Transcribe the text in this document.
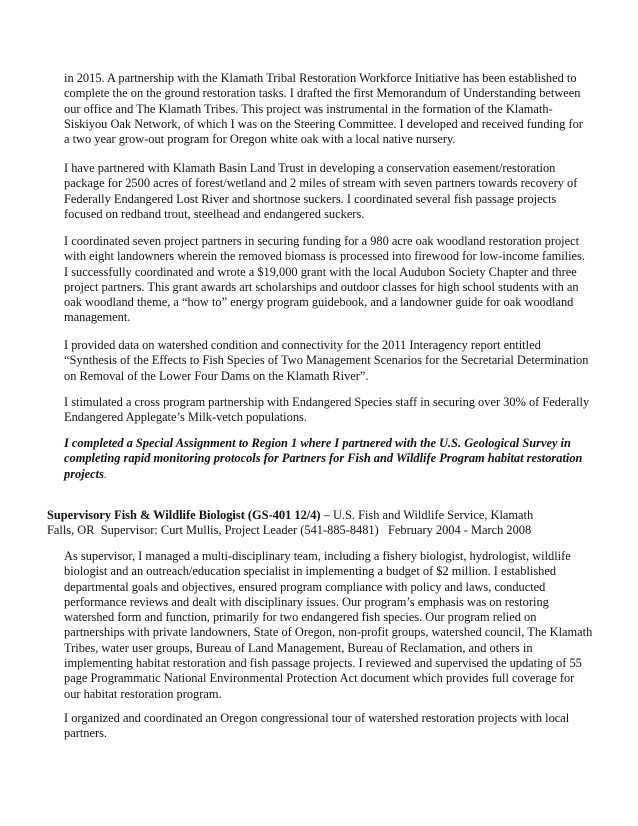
in 2015. A partnership with the Klamath Tribal Restoration Workforce Initiative has been established to
complete the on the ground restoration tasks. I drafted the first Memorandum of Understanding between
our office and The Klamath Tribes. This project was instrumental in the formation of the Klamath-
Siskiyou Oak Network, of which I was on the Steering Committee. I developed and received funding for
a two year grow-out program for Oregon white oak with a local native nursery.
I have partnered with Klamath Basin Land Trust in developing a conservation easement/restoration
package for 2500 acres of forest/wetland and 2 miles of stream with seven partners towards recovery of
Federally Endangered Lost River and shortnose suckers. I coordinated several fish passage projects
focused on redband trout, steelhead and endangered suckers.
I coordinated seven project partners in securing funding for a 980 acre oak woodland restoration project
with eight landowners wherein the removed biomass is processed into firewood for low-income families.
I successfully coordinated and wrote a $19,000 grant with the local Audubon Society Chapter and three
project partners. This grant awards art scholarships and outdoor classes for high school students with an
oak woodland theme, a “how to” energy program guidebook, and a landowner guide for oak woodland
management.
I provided data on watershed condition and connectivity for the 2011 Interagency report entitled
“Synthesis of the Effects to Fish Species of Two Management Scenarios for the Secretarial Determination
on Removal of the Lower Four Dams on the Klamath River”.
I stimulated a cross program partnership with Endangered Species staff in securing over 30% of Federally
Endangered Applegate’s Milk-vetch populations.
I completed a Special Assignment to Region 1 where I partnered with the U.S. Geological Survey in
completing rapid monitoring protocols for Partners for Fish and Wildlife Program habitat restoration
projects.
Supervisory Fish & Wildlife Biologist (GS-401 12/4) – U.S. Fish and Wildlife Service, Klamath
Falls, OR  Supervisor: Curt Mullis, Project Leader (541-885-8481)   February 2004 - March 2008
As supervisor, I managed a multi-disciplinary team, including a fishery biologist, hydrologist, wildlife
biologist and an outreach/education specialist in implementing a budget of $2 million. I established
departmental goals and objectives, ensured program compliance with policy and laws, conducted
performance reviews and dealt with disciplinary issues. Our program’s emphasis was on restoring
watershed form and function, primarily for two endangered fish species. Our program relied on
partnerships with private landowners, State of Oregon, non-profit groups, watershed council, The Klamath
Tribes, water user groups, Bureau of Land Management, Bureau of Reclamation, and others in
implementing habitat restoration and fish passage projects. I reviewed and supervised the updating of 55
page Programmatic National Environmental Protection Act document which provides full coverage for
our habitat restoration program.
I organized and coordinated an Oregon congressional tour of watershed restoration projects with local
partners.
